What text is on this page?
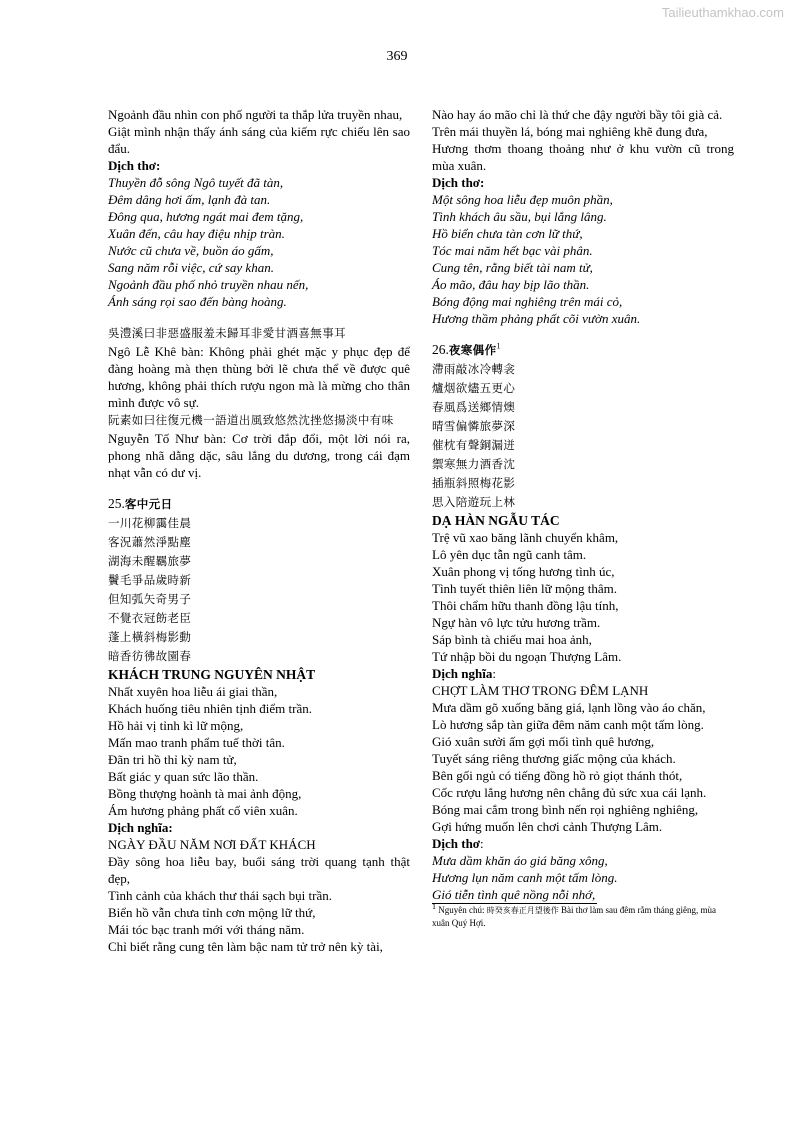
Tailieuthamkhao.com
369
Ngoảnh đầu nhìn con phố người ta thắp lửa truyền nhau,
Giật mình nhận thấy ánh sáng của kiếm rực chiếu lên sao đẩu.
Dịch thơ:
Thuyền đỗ sông Ngô tuyết đã tàn,
Đêm dâng hơi ấm, lạnh đà tan.
Đông qua, hương ngát mai đem tặng,
Xuân đến, câu hay điệu nhịp tràn.
Nước cũ chưa về, buồn áo gấm,
Sang năm rỗi việc, cứ say khan.
Ngoảnh đầu phố nhỏ truyền nhau nến,
Ánh sáng rọi sao đến bàng hoàng.
吳澧溪曰非惡盛服羞未歸耳非愛甘酒喜無事耳
Ngô Lễ Khê bàn: Không phải ghét mặc y phục đẹp để đàng hoàng mà thẹn thùng bởi lẽ chưa thể về được quê hương, không phải thích rượu ngon mà là mừng cho thân mình được vô sự.
阮素如曰往復元機一語道出風致悠然沈挫悠揚淡中有味
Nguyễn Tố Như bàn: Cơ trời đắp đổi, một lời nói ra, phong nhã dằng dặc, sâu lắng du dương, trong cái đạm nhạt vẫn có dư vị.
25.客中元日
一川花柳靄佳晨
客況蕭然淨點塵
湖海未醒羈旅夢
鬢毛爭品歲時新
但知弧矢奇男子
不覺衣冠飭老臣
蓬上橫斜梅影動
暗香彷彿故園春
KHÁCH TRUNG NGUYÊN NHẬT
Nhất xuyên hoa liễu ái giai thần,
Khách huống tiêu nhiên tịnh điểm trần.
Hồ hải vị tỉnh kì lữ mộng,
Mấn mao tranh phẩm tuế thời tân.
Đãn tri hồ thỉ kỳ nam tử,
Bất giác y quan sức lão thần.
Bồng thượng hoành tà mai ảnh động,
Ám hương phảng phất cố viên xuân.
Dịch nghĩa:
NGÀY ĐẦU NĂM NƠI ĐẤT KHÁCH
Đầy sông hoa liễu bay, buổi sáng trời quang tạnh thật đẹp,
Tình cảnh của khách thư thái sạch bụi trần.
Biển hồ vẫn chưa tỉnh cơn mộng lữ thứ,
Mái tóc bạc tranh mới với tháng năm.
Chỉ biết rằng cung tên làm bậc nam tử trở nên kỳ tài,
Nào hay áo mão chỉ là thứ che đậy người bầy tôi già cả.
Trên mái thuyền lá, bóng mai nghiêng khẽ đung đưa,
Hương thơm thoang thoảng như ở khu vườn cũ trong mùa xuân.
Dịch thơ:
Một sông hoa liễu đẹp muôn phần,
Tình khách âu sầu, bụi lắng lâng.
Hồ biển chưa tàn cơn lữ thứ,
Tóc mai năm hết bạc vài phân.
Cung tên, rằng biết tài nam tử,
Áo mão, đâu hay bịp lão thần.
Bóng động mai nghiêng trên mái cỏ,
Hương thầm phảng phất cõi vườn xuân.
26.夜寒偶作$^1$
滯雨敲冰冷轉衾
爐烟欲燼五更心
春風爲送鄉情燠
晴雪偏憐旅夢深
催枕有聲銅漏迸
禦寒無力酒香沈
插瓶斜照梅花影
思入陪遊玩上林
DẠ HÀN NGẪU TÁC
Trệ vũ xao băng lãnh chuyển khâm,
Lô yên dục tẫn ngũ canh tâm.
Xuân phong vị tống hương tình úc,
Tình tuyết thiên liên lữ mộng thâm.
Thôi chẩm hữu thanh đồng lậu tính,
Ngự hàn vô lực tửu hương trầm.
Sáp bình tà chiếu mai hoa ảnh,
Tứ nhập bồi du ngoạn Thượng Lâm.
Dịch nghĩa:
CHỢT LÀM THƠ TRONG ĐÊM LẠNH
Mưa dầm gõ xuống băng giá, lạnh lồng vào áo chăn,
Lò hương sắp tàn giữa đêm năm canh một tấm lòng.
Gió xuân sưởi ấm gợi mối tình quê hương,
Tuyết sáng riêng thương giấc mộng của khách.
Bên gối ngủ có tiếng đồng hồ rỏ giọt thánh thót,
Cốc rượu lắng hương nên chẳng đủ sức xua cái lạnh.
Bóng mai cắm trong bình nến rọi nghiêng nghiêng,
Gợi hứng muốn lên chơi cảnh Thượng Lâm.
Dịch thơ:
Mưa dầm khăn áo giá băng xông,
Hương lụn năm canh một tấm lòng.
Gió tiễn tình quê nồng nỗi nhớ,
$^1$ Nguyên chú: 時癸亥春正月望後作 Bài thơ làm sau đêm rằm tháng giêng, mùa xuân Quý Hợi.
